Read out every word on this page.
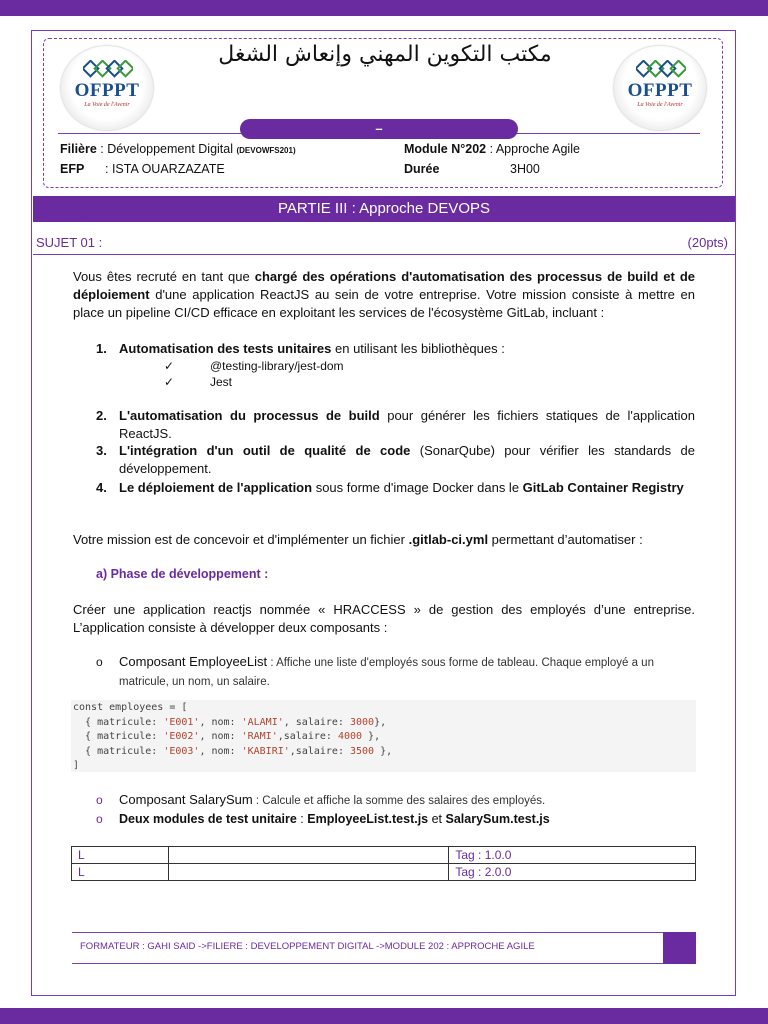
OFPPT
La Voie de l'Avenir
OFPPT
La Voie de l'Avenir
مكتب التكوين المهني وإنعاش الشغل
–
Filière : Développement Digital (DEVOWFS201)
EFP : ISTA OUARZAZATE
Module N°202 : Approche Agile
Durée	3H00
PARTIE III : Approche DEVOPS
SUJET 01 :	(20pts)
Vous êtes recruté en tant que chargé des opérations d'automatisation des processus de build et de déploiement d'une application ReactJS au sein de votre entreprise. Votre mission consiste à mettre en place un pipeline CI/CD efficace en exploitant les services de l'écosystème GitLab, incluant :
1. Automatisation des tests unitaires en utilisant les bibliothèques :
✓	@testing-library/jest-dom
✓	Jest
2. L'automatisation du processus de build pour générer les fichiers statiques de l'application ReactJS.
3. L'intégration d'un outil de qualité de code (SonarQube) pour vérifier les standards de développement.
4. Le déploiement de l'application sous forme d'image Docker dans le GitLab Container Registry
Votre mission est de concevoir et d'implémenter un fichier .gitlab-ci.yml permettant d’automatiser :
a) Phase de développement :
Créer une application reactjs nommée « HRACCESS » de gestion des employés d’une entreprise. L’application consiste à développer deux composants :
o Composant EmployeeList : Affiche une liste d'employés sous forme de tableau. Chaque employé a un matricule, un nom, un salaire.
const employees = [
{ matricule: 'E001', nom: 'ALAMI', salaire: 3000},
{ matricule: 'E002', nom: 'RAMI',salaire: 4000 },
{ matricule: 'E003', nom: 'KABIRI',salaire: 3500 },
]
o Composant SalarySum : Calcule et affiche la somme des salaires des employés.
o Deux modules de test unitaire : EmployeeList.test.js et SalarySum.test.js
L		Tag : 1.0.0
L		Tag : 2.0.0
FORMATEUR : GAHI SAID ->FILIERE : DEVELOPPEMENT DIGITAL ->MODULE 202 : APPROCHE AGILE
